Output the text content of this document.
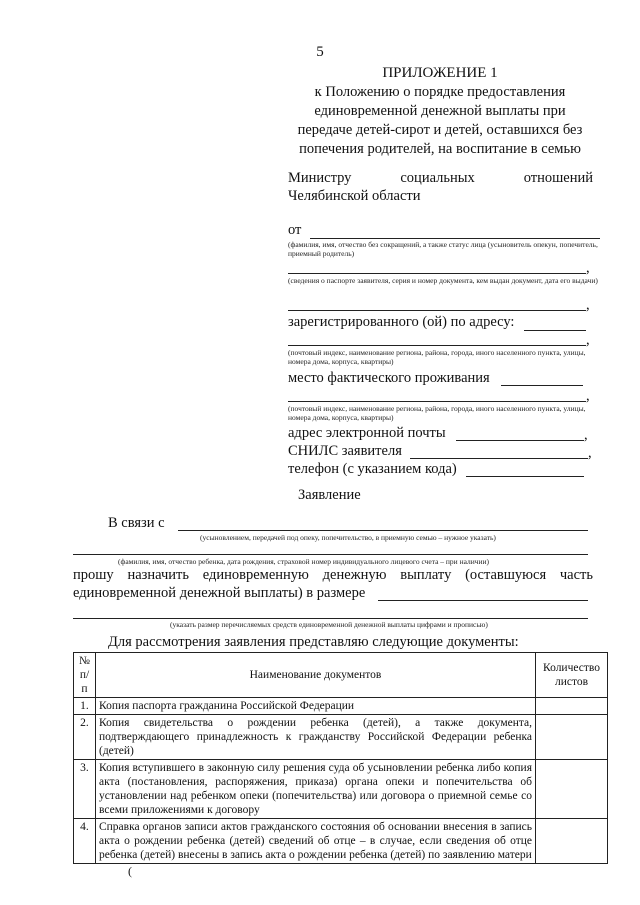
5
ПРИЛОЖЕНИЕ 1
к Положению о порядке предоставления
единовременной денежной выплаты при
передаче детей-сирот и детей, оставшихся без
попечения родителей, на воспитание в семью
Министру	социальных	отношений
Челябинской области
от
(фамилия, имя, отчество без сокращений, а также статус лица (усыновитель опекун, попечитель, приемный родитель)
,
(сведения о паспорте заявителя, серия и номер документа, кем выдан документ, дата его выдачи)
,
зарегистрированного (ой) по адресу:
,
(почтовый индекс, наименование региона, района, города, иного населенного пункта, улицы, номера дома, корпуса, квартиры)
место фактического проживания
,
(почтовый индекс, наименование региона, района, города, иного населенного пункта, улицы, номера дома, корпуса, квартиры)
адрес электронной почты	,
СНИЛС заявителя	,
телефон (с указанием кода)
Заявление
В связи с
(усыновлением, передачей под опеку, попечительство, в приемную семью – нужное указать)
(фамилия, имя, отчество ребенка, дата рождения, страховой номер индивидуального лицевого счета – при наличии)
прошу назначить единовременную денежную выплату (оставшуюся часть
единовременной денежной выплаты) в размере
(указать размер перечисляемых средств единовременной денежной выплаты цифрами и прописью)
Для рассмотрения заявления представляю следующие документы:
№ п/п	Наименование документов	Количество листов
1.	Копия паспорта гражданина Российской Федерации	
2.	Копия свидетельства о рождении ребенка (детей), а также документа, подтверждающего принадлежность к гражданству Российской Федерации ребенка (детей)	
3.	Копия вступившего в законную силу решения суда об усыновлении ребенка либо копия акта (постановления, распоряжения, приказа) органа опеки и попечительства об установлении над ребенком опеки (попечительства) или договора о приемной семье со всеми приложениями к договору	
4.	Справка органов записи актов гражданского состояния об основании внесения в запись акта о рождении ребенка (детей) сведений об отце – в случае, если сведения об отце ребенка (детей) внесены в запись акта о рождении ребенка (детей) по заявлению матери	
(
